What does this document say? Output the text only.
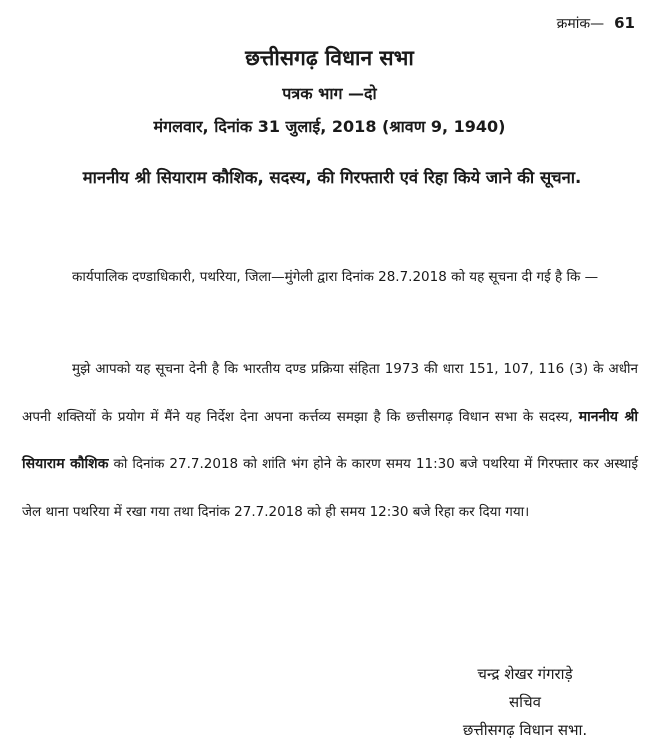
क्रमांक— 61
छत्तीसगढ़ विधान सभा
पत्रक भाग —दो
मंगलवार, दिनांक 31 जुलाई, 2018 (श्रावण 9, 1940)
माननीय श्री सियाराम कौशिक, सदस्य, की गिरफ्तारी एवं रिहा किये जाने की सूचना.
कार्यपालिक दण्डाधिकारी, पथरिया, जिला—मुंगेली द्वारा दिनांक 28.7.2018 को यह सूचना दी गई है कि —
मुझे आपको यह सूचना देनी है कि भारतीय दण्ड प्रक्रिया संहिता 1973 की धारा 151, 107, 116 (3) के अधीन अपनी शक्तियों के प्रयोग में मैंने यह निर्देश देना अपना कर्त्तव्य समझा है कि छत्तीसगढ़ विधान सभा के सदस्य, माननीय श्री सियाराम कौशिक को दिनांक 27.7.2018 को शांति भंग होने के कारण समय 11:30 बजे पथरिया में गिरफ्तार कर अस्थाई जेल थाना पथरिया में रखा गया तथा दिनांक 27.7.2018 को ही समय 12:30 बजे रिहा कर दिया गया।
चन्द्र शेखर गंगराड़े
सचिव
छत्तीसगढ़ विधान सभा.
